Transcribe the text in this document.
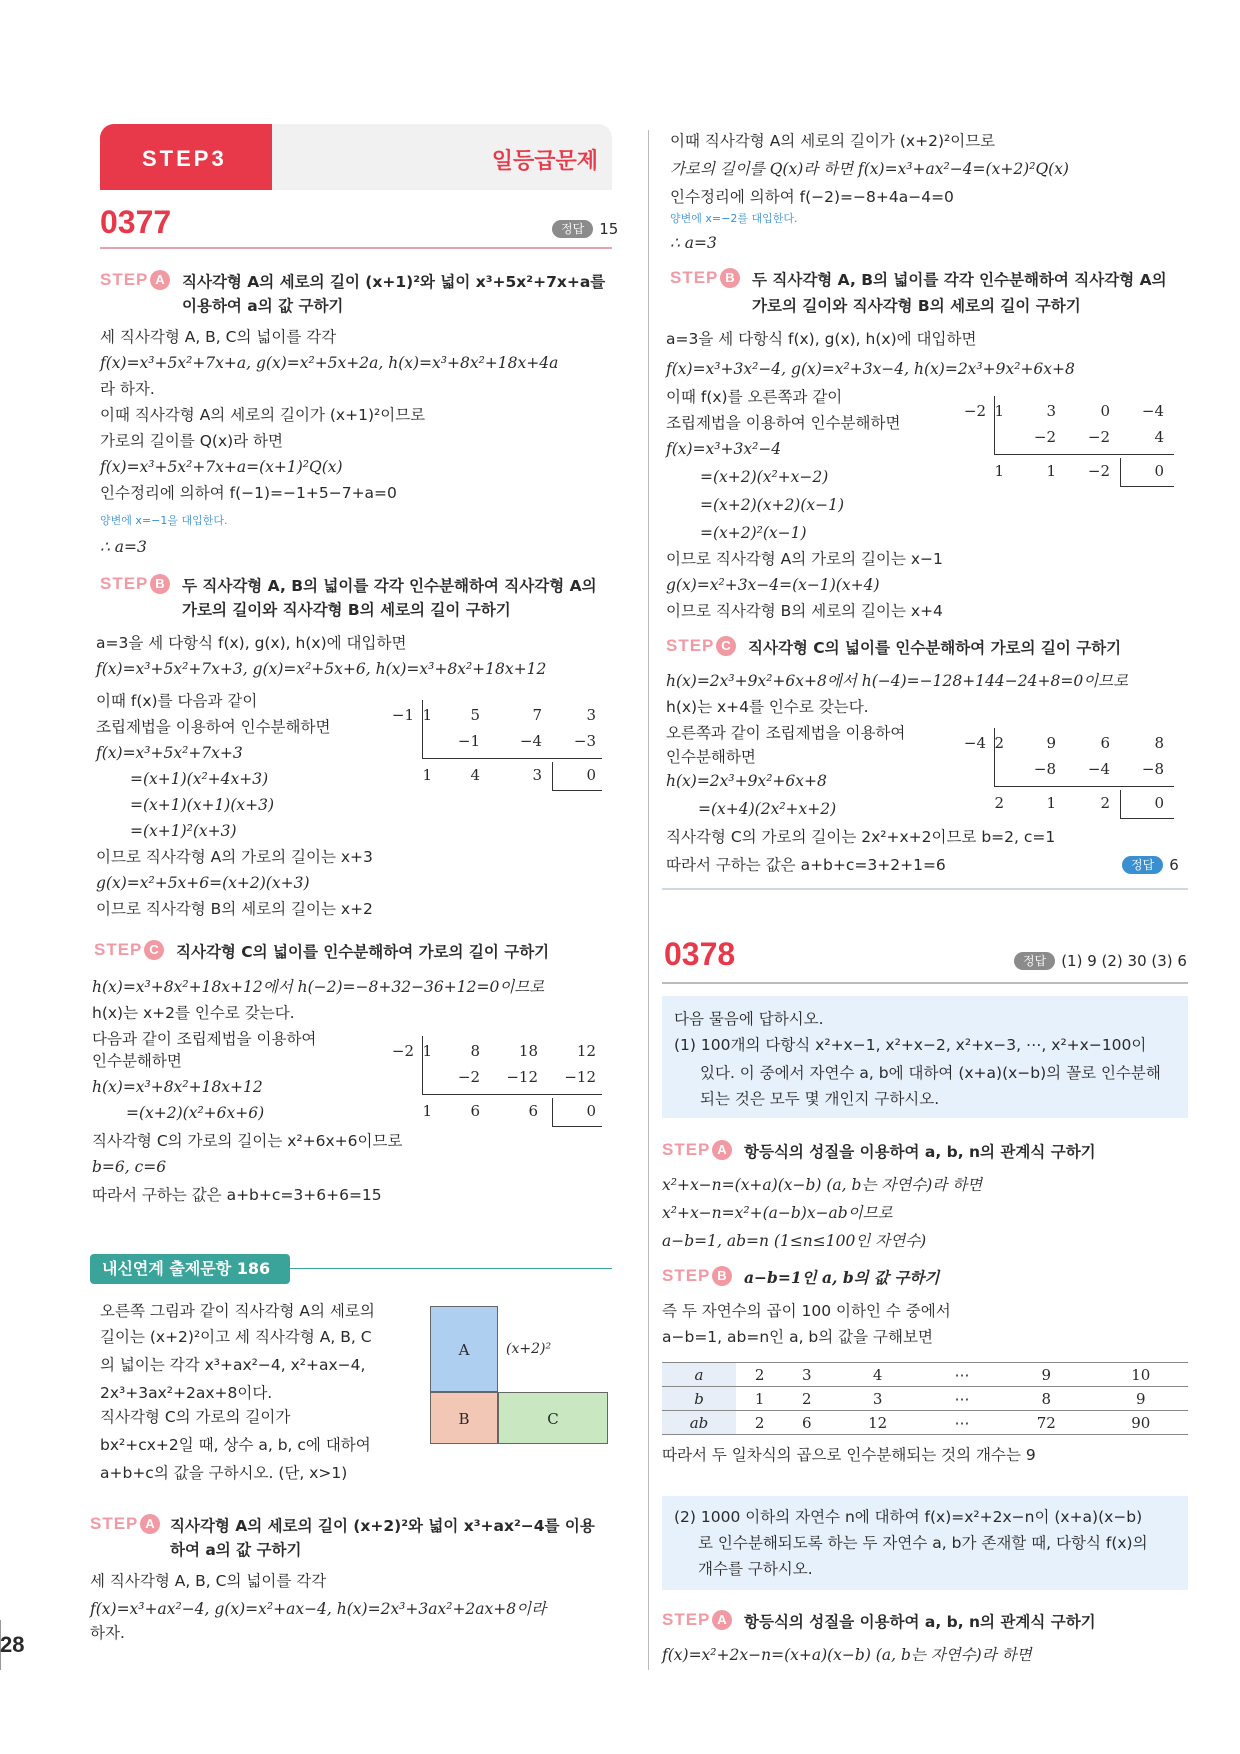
28
STEP3	일등급문제
0377	정답 15
STEP A	직사각형 A의 세로의 길이 (x+1)²와 넓이 x³+5x²+7x+a를
이용하여 a의 값 구하기
세 직사각형 A, B, C의 넓이를 각각
f(x)=x³+5x²+7x+a, g(x)=x²+5x+2a, h(x)=x³+8x²+18x+4a
라 하자.
이때 직사각형 A의 세로의 길이가 (x+1)²이므로
가로의 길이를 Q(x)라 하면
f(x)=x³+5x²+7x+a=(x+1)²Q(x)
인수정리에 의하여 f(−1)=−1+5−7+a=0
양변에 x=−1을 대입한다.
∴ a=3
STEP B	두 직사각형 A, B의 넓이를 각각 인수분해하여 직사각형 A의
가로의 길이와 직사각형 B의 세로의 길이 구하기
a=3을 세 다항식 f(x), g(x), h(x)에 대입하면
f(x)=x³+5x²+7x+3, g(x)=x²+5x+6, h(x)=x³+8x²+18x+12
이때 f(x)를 다음과 같이
조립제법을 이용하여 인수분해하면
f(x)=x³+5x²+7x+3
=(x+1)(x²+4x+3)
=(x+1)(x+1)(x+3)
=(x+1)²(x+3)
이므로 직사각형 A의 가로의 길이는 x+3
g(x)=x²+5x+6=(x+2)(x+3)
이므로 직사각형 B의 세로의 길이는 x+2
−1 1	5	7	3
−1	−4	−3
1	4	3	0
STEP C	직사각형 C의 넓이를 인수분해하여 가로의 길이 구하기
h(x)=x³+8x²+18x+12에서 h(−2)=−8+32−36+12=0이므로
h(x)는 x+2를 인수로 갖는다.
다음과 같이 조립제법을 이용하여
인수분해하면
h(x)=x³+8x²+18x+12
=(x+2)(x²+6x+6)
직사각형 C의 가로의 길이는 x²+6x+6이므로
b=6, c=6
따라서 구하는 값은 a+b+c=3+6+6=15
−2 1	8	18	12
−2	−12	−12
1	6	6	0
내신연계 출제문항 186
오른쪽 그림과 같이 직사각형 A의 세로의
길이는 (x+2)²이고 세 직사각형 A, B, C
의 넓이는 각각 x³+ax²−4, x²+ax−4,
2x³+3ax²+2ax+8이다.
직사각형 C의 가로의 길이가
bx²+cx+2일 때, 상수 a, b, c에 대하여
a+b+c의 값을 구하시오. (단, x>1)
A
B	C
(x+2)²
STEP A 직사각형 A의 세로의 길이 (x+2)²와 넓이 x³+ax²−4를 이용
하여 a의 값 구하기
세 직사각형 A, B, C의 넓이를 각각
f(x)=x³+ax²−4, g(x)=x²+ax−4, h(x)=2x³+3ax²+2ax+8이라
하자.
이때 직사각형 A의 세로의 길이가 (x+2)²이므로
가로의 길이를 Q(x)라 하면 f(x)=x³+ax²−4=(x+2)²Q(x)
인수정리에 의하여 f(−2)=−8+4a−4=0
양변에 x=−2를 대입한다.
∴ a=3
STEP B	두 직사각형 A, B의 넓이를 각각 인수분해하여 직사각형 A의
가로의 길이와 직사각형 B의 세로의 길이 구하기
a=3을 세 다항식 f(x), g(x), h(x)에 대입하면
f(x)=x³+3x²−4, g(x)=x²+3x−4, h(x)=2x³+9x²+6x+8
이때 f(x)를 오른쪽과 같이
조립제법을 이용하여 인수분해하면
f(x)=x³+3x²−4
=(x+2)(x²+x−2)
=(x+2)(x+2)(x−1)
=(x+2)²(x−1)
이므로 직사각형 A의 가로의 길이는 x−1
g(x)=x²+3x−4=(x−1)(x+4)
이므로 직사각형 B의 세로의 길이는 x+4
−2 1	3	0	−4
−2	−2	4
1	1	−2	0
STEP C	직사각형 C의 넓이를 인수분해하여 가로의 길이 구하기
h(x)=2x³+9x²+6x+8에서 h(−4)=−128+144−24+8=0이므로
h(x)는 x+4를 인수로 갖는다.
오른쪽과 같이 조립제법을 이용하여
인수분해하면
h(x)=2x³+9x²+6x+8
=(x+4)(2x²+x+2)
직사각형 C의 가로의 길이는 2x²+x+2이므로 b=2, c=1
따라서 구하는 값은 a+b+c=3+2+1=6	정답 6
−4 2	9	6	8
−8	−4	−8
2	1	2	0
0378	정답 (1) 9 (2) 30 (3) 6
다음 물음에 답하시오.
(1) 100개의 다항식 x²+x−1, x²+x−2, x²+x−3, ⋯, x²+x−100이
있다. 이 중에서 자연수 a, b에 대하여 (x+a)(x−b)의 꼴로 인수분해
되는 것은 모두 몇 개인지 구하시오.
STEP A	항등식의 성질을 이용하여 a, b, n의 관계식 구하기
x²+x−n=(x+a)(x−b) (a, b는 자연수)라 하면
x²+x−n=x²+(a−b)x−ab이므로
a−b=1, ab=n (1≤n≤100인 자연수)
STEP B	a−b=1인 a, b의 값 구하기
즉 두 자연수의 곱이 100 이하인 수 중에서
a−b=1, ab=n인 a, b의 값을 구해보면
a	2	3	4	⋯	9	10
b	1	2	3	⋯	8	9
ab	2	6	12	⋯	72	90
따라서 두 일차식의 곱으로 인수분해되는 것의 개수는 9
(2) 1000 이하의 자연수 n에 대하여 f(x)=x²+2x−n이 (x+a)(x−b)
로 인수분해되도록 하는 두 자연수 a, b가 존재할 때, 다항식 f(x)의
개수를 구하시오.
STEP A	항등식의 성질을 이용하여 a, b, n의 관계식 구하기
f(x)=x²+2x−n=(x+a)(x−b) (a, b는 자연수)라 하면
